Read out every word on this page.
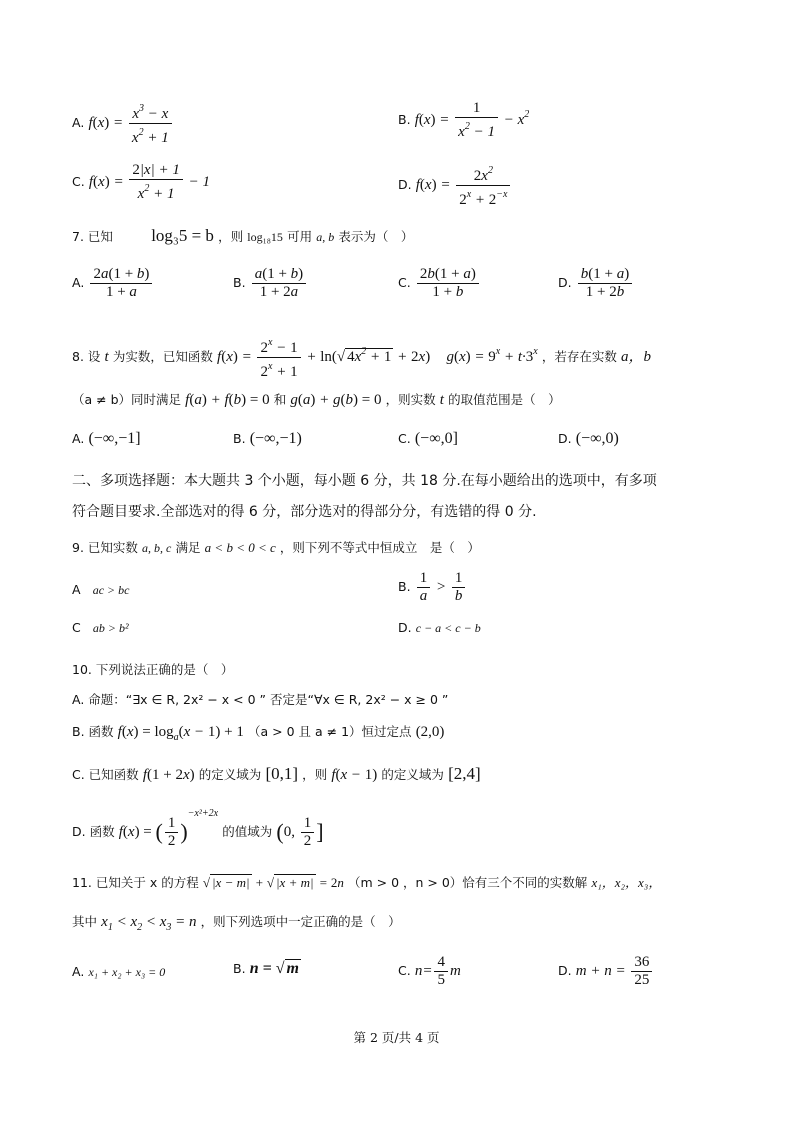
A. $f(x) = \frac{x^3 - x}{x^2 + 1}$	B. $f(x) = \frac{1}{x^2 - 1} - x^2$
C. $f(x) = \frac{2|x| + 1}{x^2 + 1} - 1$	D. $f(x) = \frac{2x^2}{2^x + 2^{-x}}$
7. 已知 log₃5 = b ，则 log₁₈15 可用 a, b 表示为（　）
A. $\frac{2a(1 + b)}{1 + a}$	B. $\frac{a(1 + b)}{1 + 2a}$	C. $\frac{2b(1 + a)}{1 + b}$	D. $\frac{b(1 + a)}{1 + 2b}$
8. 设 t 为实数，已知函数 $f(x) = \frac{2^x - 1}{2^x + 1} + \ln(√$ $4x^2 + 1 + 2x$) $g(x) = 9^x + t\cdot 3^x$ ，若存在实数 a，b
（a ≠ b）同时满足 f(a) + f(b) = 0 和 g(a) + g(b) = 0 ，则实数 t 的取值范围是（　）
A. (−∞,−1]	B. (−∞,−1)	C. (−∞,0]	D. (−∞,0)
二、多项选择题：本大题共 3 个小题，每小题 6 分，共 18 分.在每小题给出的选项中，有多项
符合题目要求.全部选对的得 6 分，部分选对的得部分分，有选错的得 0 分.
9. 已知实数 a, b, c 满足 a < b < 0 < c ，则下列不等式中恒成立　是（　）
A ac > bc	B. $\frac{1}{a} > \frac{1}{b}$
C ab > b²	D. c − a < c − b
10. 下列说法正确的是（　）
A. 命题：“∃x ∈ R, 2x² − x < 0 ” 否定是“∀x ∈ R, 2x² − x ≥ 0 ”
B. 函数 $f(x) = \log_a(x - 1) + 1$ （a > 0 且 a ≠ 1）恒过定点 (2,0)
C. 已知函数 f(1 + 2x) 的定义域为 [0,1] ，则 f(x − 1) 的定义域为 [2,4]
D. 函数 f(x) = ( $\frac{1}{2} )^{-x^2+2x}$ 的值域为 (0, $\frac{1}{2}$ ]
11. 已知关于 x 的方程 √ |x − m| + √ |x + m| = 2n （m > 0 ，n > 0）恰有三个不同的实数解 x₁，x₂，x₃，
其中 $x_1 < x_2 < x_3 = n$ ，则下列选项中一定正确的是（　）
A. x₁ + x₂ + x₃ = 0	B. n = √ m	C. $n= \frac{4}{5}$ m	D. $m + n = \frac{36}{25}$
第 2 页/共 4 页
